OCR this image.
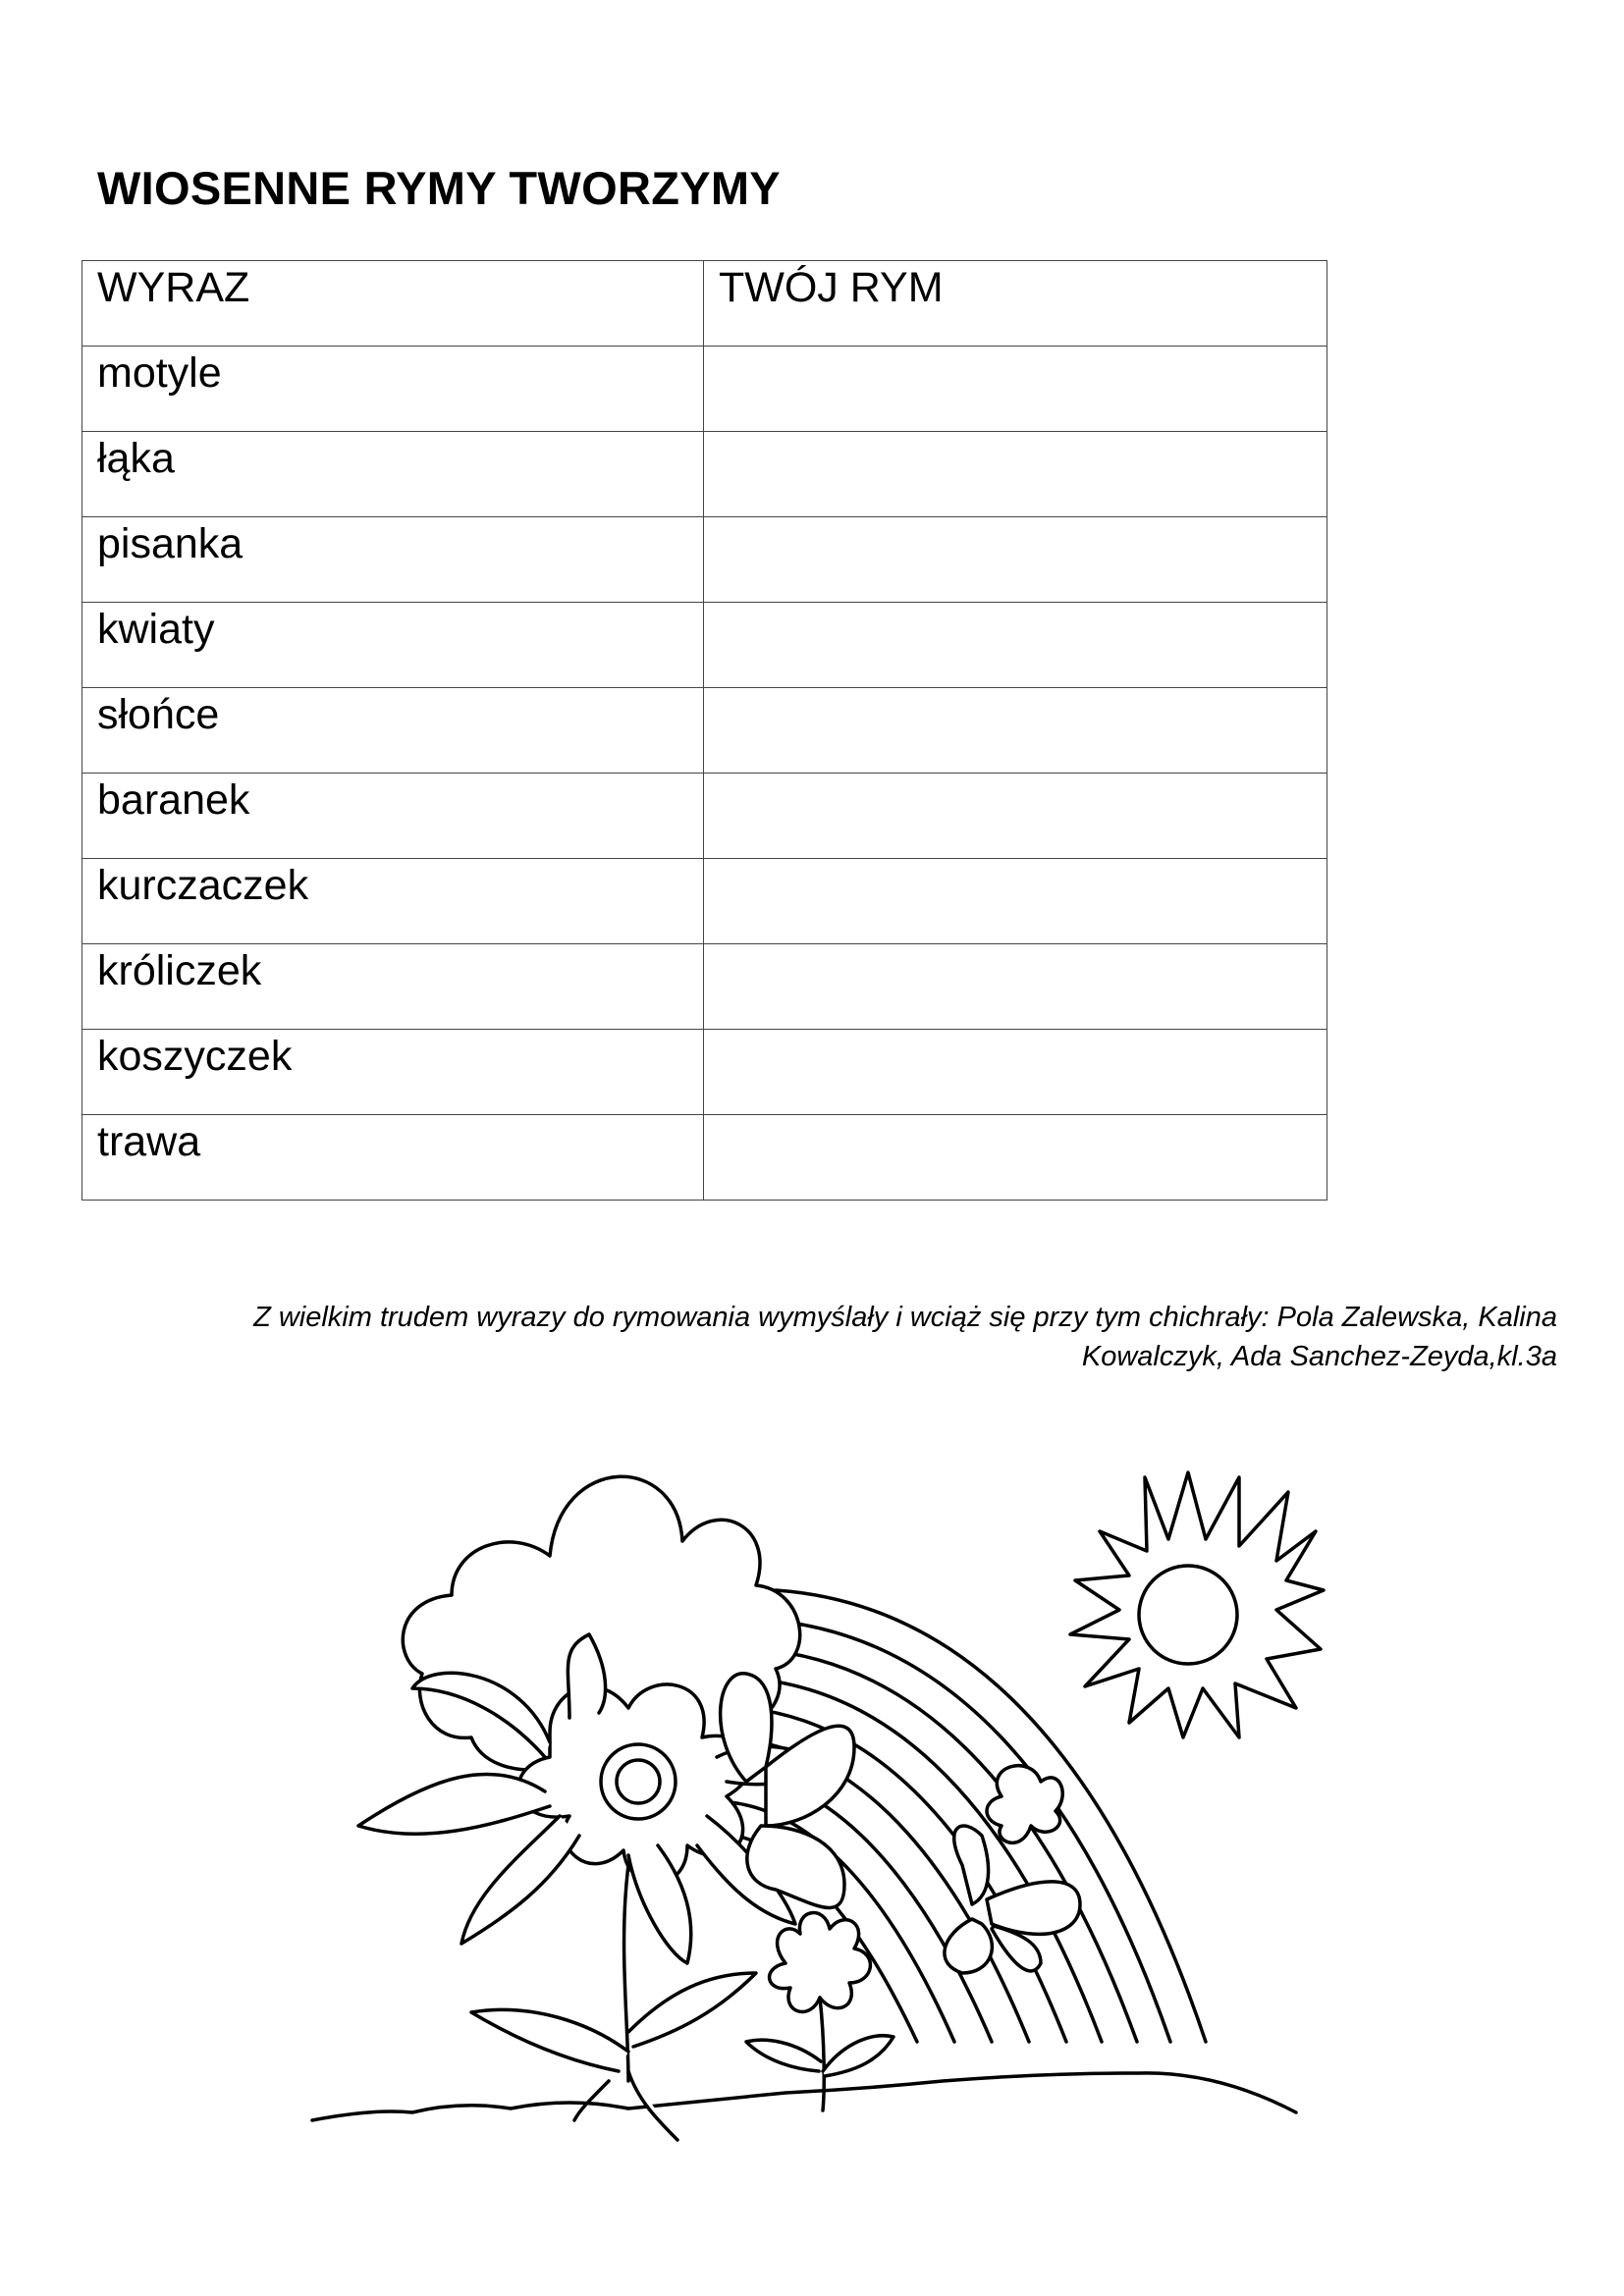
WIOSENNE RYMY TWORZYMY
WYRAZ	TWÓJ RYM

motyle	

łąka	

pisanka	

kwiaty	

słońce	

baranek	

kurczaczek	

króliczek	

koszyczek	

trawa	

Z wielkim trudem wyrazy do rymowania wymyślały i wciąż się przy tym chichrały: Pola Zalewska, Kalina
Kowalczyk, Ada Sanchez-Zeyda,kl.3a
